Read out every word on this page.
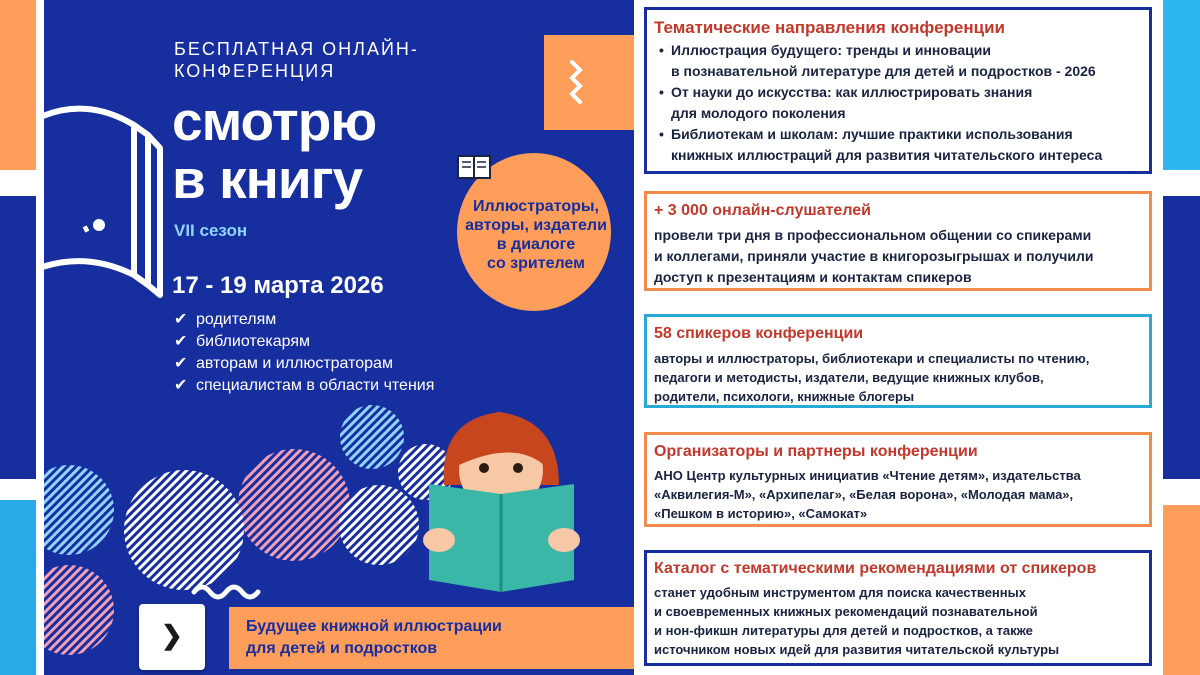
БЕСПЛАТНАЯ ОНЛАЙН-
КОНФЕРЕНЦИЯ
смотрю
в книгу
VII сезон
17 - 19 марта 2026
✔ родителям
✔ библиотекарям
✔ авторам и иллюстраторам
✔ специалистам в области чтения
Иллюстраторы,
авторы, издатели
в диалоге
со зрителем
❯	Будущее книжной иллюстрации
для детей и подростков
Тематические направления конференции
• Иллюстрация будущего: тренды и инновации
в познавательной литературе для детей и подростков - 2026
• От науки до искусства: как иллюстрировать знания
для молодого поколения
• Библиотекам и школам: лучшие практики использования
книжных иллюстраций для развития читательского интереса
+ 3 000 онлайн-слушателей

провели три дня в профессиональном общении со спикерами
и коллегами, приняли участие в книгорозыгрышах и получили
доступ к презентациям и контактам спикеров

58 спикеров конференции

авторы и иллюстраторы, библиотекари и специалисты по чтению,
педагоги и методисты, издатели, ведущие книжных клубов,
родители, психологи, книжные блогеры

Организаторы и партнеры конференции

АНО Центр культурных инициатив «Чтение детям», издательства
«Аквилегия-М», «Архипелаг», «Белая ворона», «Молодая мама»,
«Пешком в историю», «Самокат»

Каталог с тематическими рекомендациями от спикеров

станет удобным инструментом для поиска качественных
и своевременных книжных рекомендаций познавательной
и нон-фикшн литературы для детей и подростков, а также
источником новых идей для развития читательской культуры
